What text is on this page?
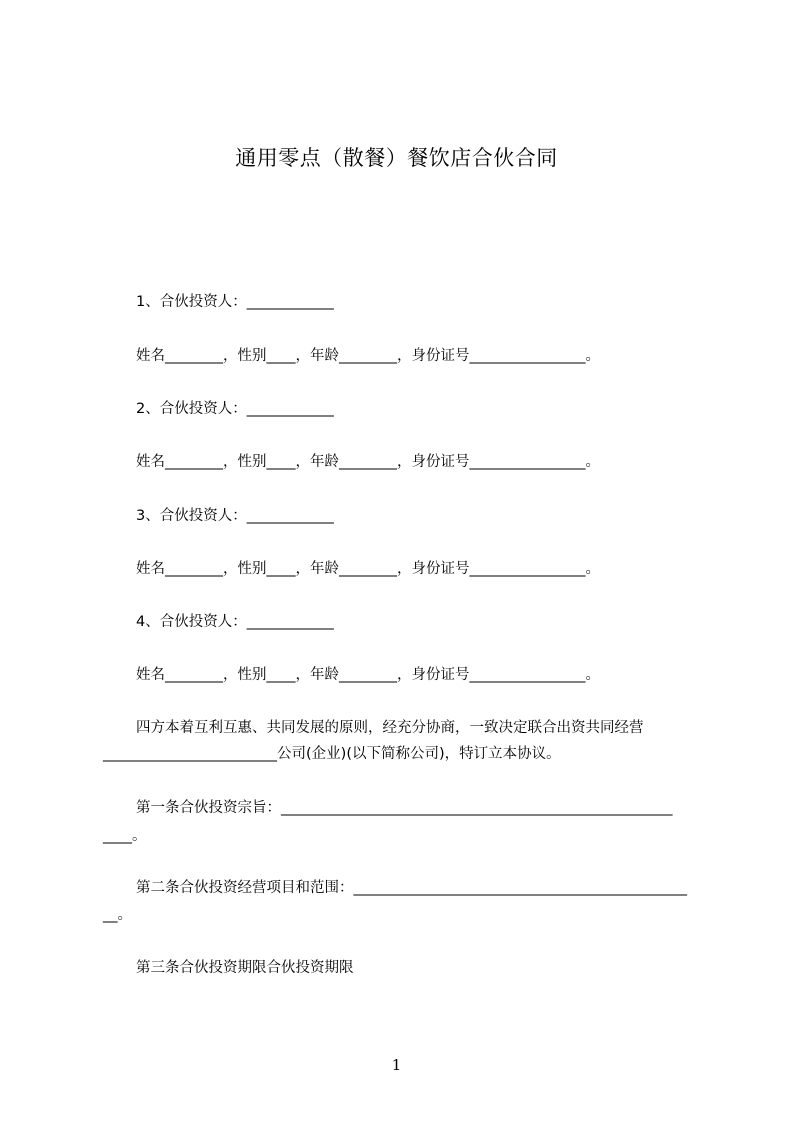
通用零点（散餐）餐饮店合伙合同
1、合伙投资人：____________
姓名________，性别____，年龄________，身份证号________________。
2、合伙投资人：____________
姓名________，性别____，年龄________，身份证号________________。
3、合伙投资人：____________
姓名________，性别____，年龄________，身份证号________________。
4、合伙投资人：____________
姓名________，性别____，年龄________，身份证号________________。
四方本着互利互惠、共同发展的原则，经充分协商，一致决定联合出资共同经营
________________________公司(企业)(以下简称公司)，特订立本协议。
第一条合伙投资宗旨：______________________________________________________
____。
第二条合伙投资经营项目和范围：______________________________________________
__。
第三条合伙投资期限合伙投资期限
1
